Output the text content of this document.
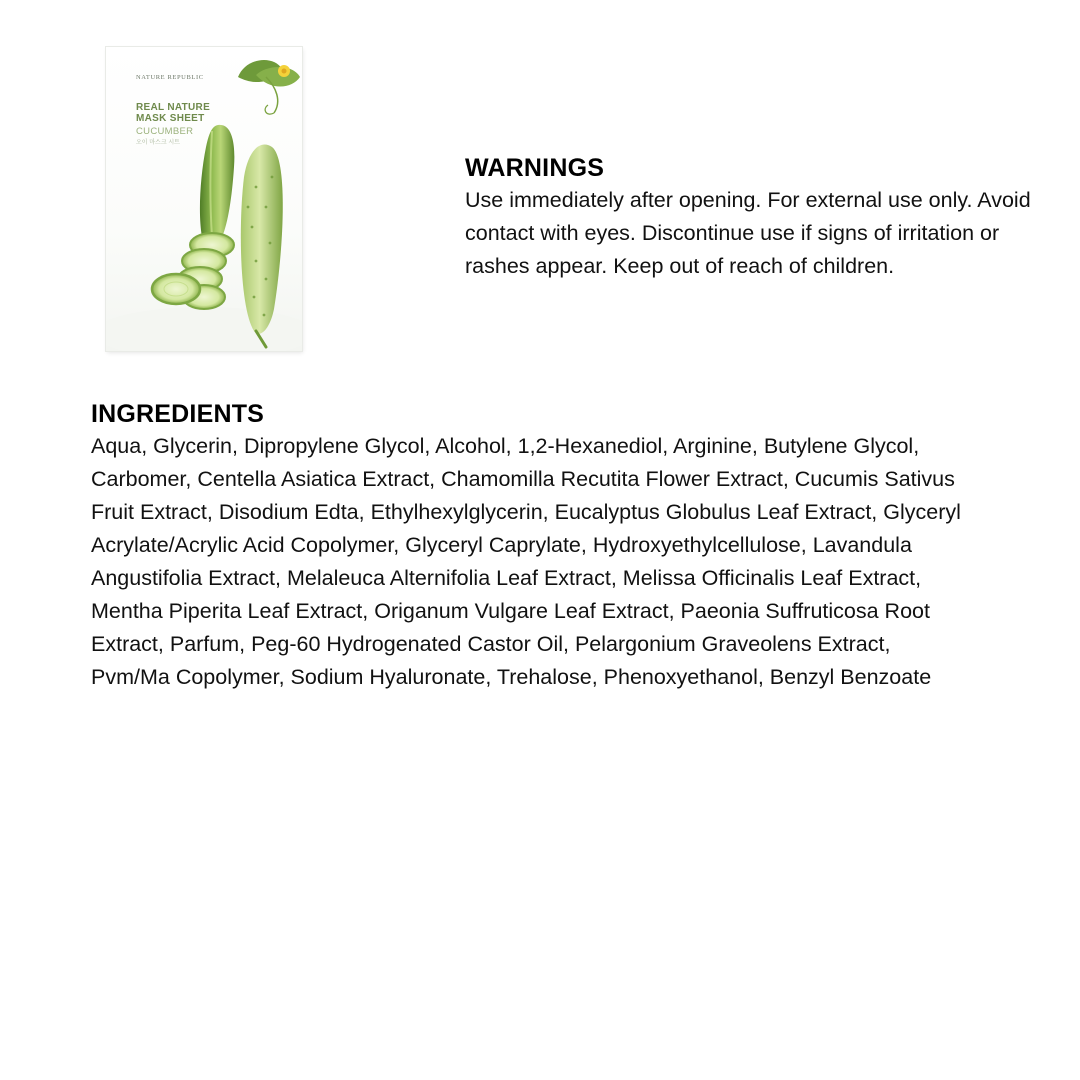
NATURE REPUBLIC
REAL NATURE
MASK SHEET
CUCUMBER
오이 마스크 시트
WARNINGS

Use immediately after opening. For external use only. Avoid contact with eyes. Discontinue use if signs of irritation or rashes appear. Keep out of reach of children.

INGREDIENTS

Aqua, Glycerin, Dipropylene Glycol, Alcohol, 1,2-Hexanediol, Arginine, Butylene Glycol, Carbomer, Centella Asiatica Extract, Chamomilla Recutita Flower Extract, Cucumis Sativus Fruit Extract, Disodium Edta, Ethylhexylglycerin, Eucalyptus Globulus Leaf Extract, Glyceryl Acrylate/Acrylic Acid Copolymer, Glyceryl Caprylate, Hydroxyethylcellulose, Lavandula Angustifolia Extract, Melaleuca Alternifolia Leaf Extract, Melissa Officinalis Leaf Extract, Mentha Piperita Leaf Extract, Origanum Vulgare Leaf Extract, Paeonia Suffruticosa Root Extract, Parfum, Peg-60 Hydrogenated Castor Oil, Pelargonium Graveolens Extract, Pvm/Ma Copolymer, Sodium Hyaluronate, Trehalose, Phenoxyethanol, Benzyl Benzoate
